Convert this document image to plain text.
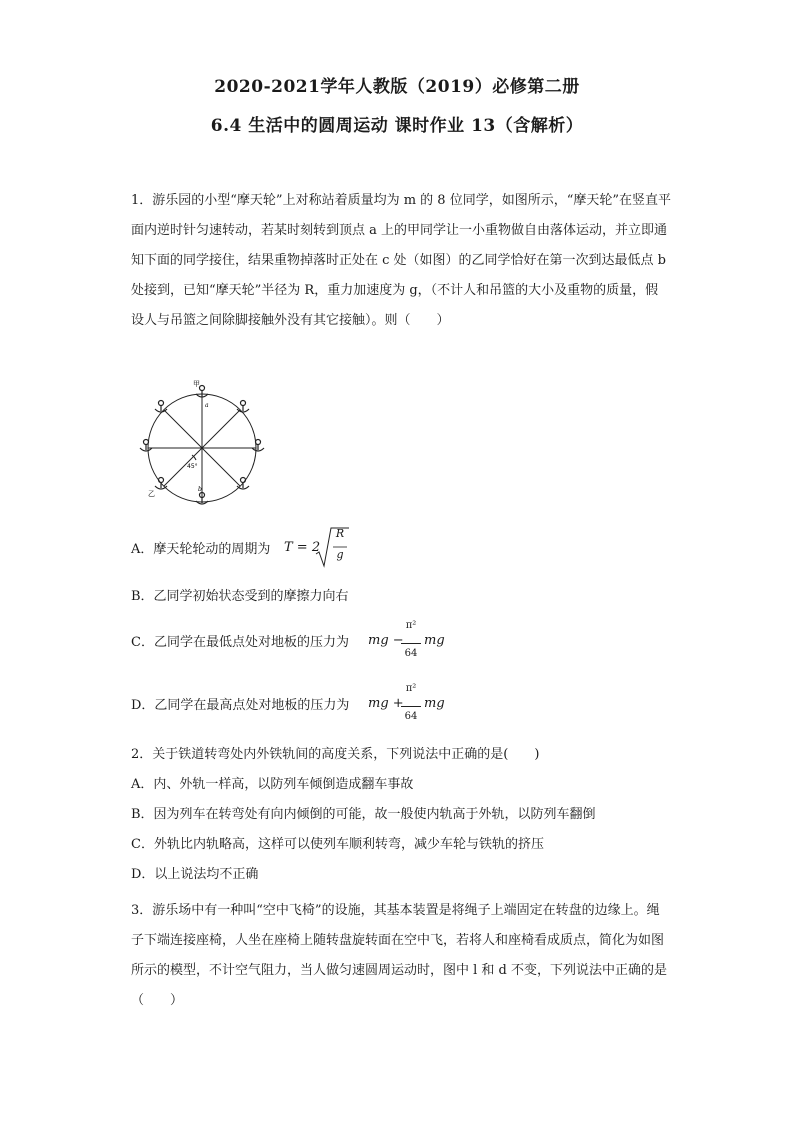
2020-2021学年人教版（2019）必修第二册
6.4 生活中的圆周运动 课时作业 13（含解析）

1．游乐园的小型“摩天轮”上对称站着质量均为 m 的 8 位同学，如图所示，“摩天轮”在竖直平面内逆时针匀速转动，若某时刻转到顶点 a 上的甲同学让一小重物做自由落体运动，并立即通知下面的同学接住，结果重物掉落时正处在 c 处（如图）的乙同学恰好在第一次到达最低点 b 处接到，已知“摩天轮”半径为 R，重力加速度为 g，（不计人和吊篮的大小及重物的质量，假设人与吊篮之间除脚接触外没有其它接触）。则（　　）

甲
a
45°
乙
b
A．摩天轮轮动的周期为 T = 2
R
g
B．乙同学初始状态受到的摩擦力向右
C．乙同学在最低点处对地板的压力为 mg −
π²
64
mg
D．乙同学在最高点处对地板的压力为 mg +
π²
64
mg

2．关于铁道转弯处内外铁轨间的高度关系，下列说法中正确的是(　　)

A．内、外轨一样高，以防列车倾倒造成翻车事故

B．因为列车在转弯处有向内倾倒的可能，故一般使内轨高于外轨，以防列车翻倒

C．外轨比内轨略高，这样可以使列车顺利转弯，减少车轮与铁轨的挤压

D．以上说法均不正确

3．游乐场中有一种叫“空中飞椅”的设施，其基本装置是将绳子上端固定在转盘的边缘上。绳子下端连接座椅，人坐在座椅上随转盘旋转面在空中飞，若将人和座椅看成质点，简化为如图所示的模型，不计空气阻力，当人做匀速圆周运动时，图中 l 和 d 不变，下列说法中正确的是（　　）
